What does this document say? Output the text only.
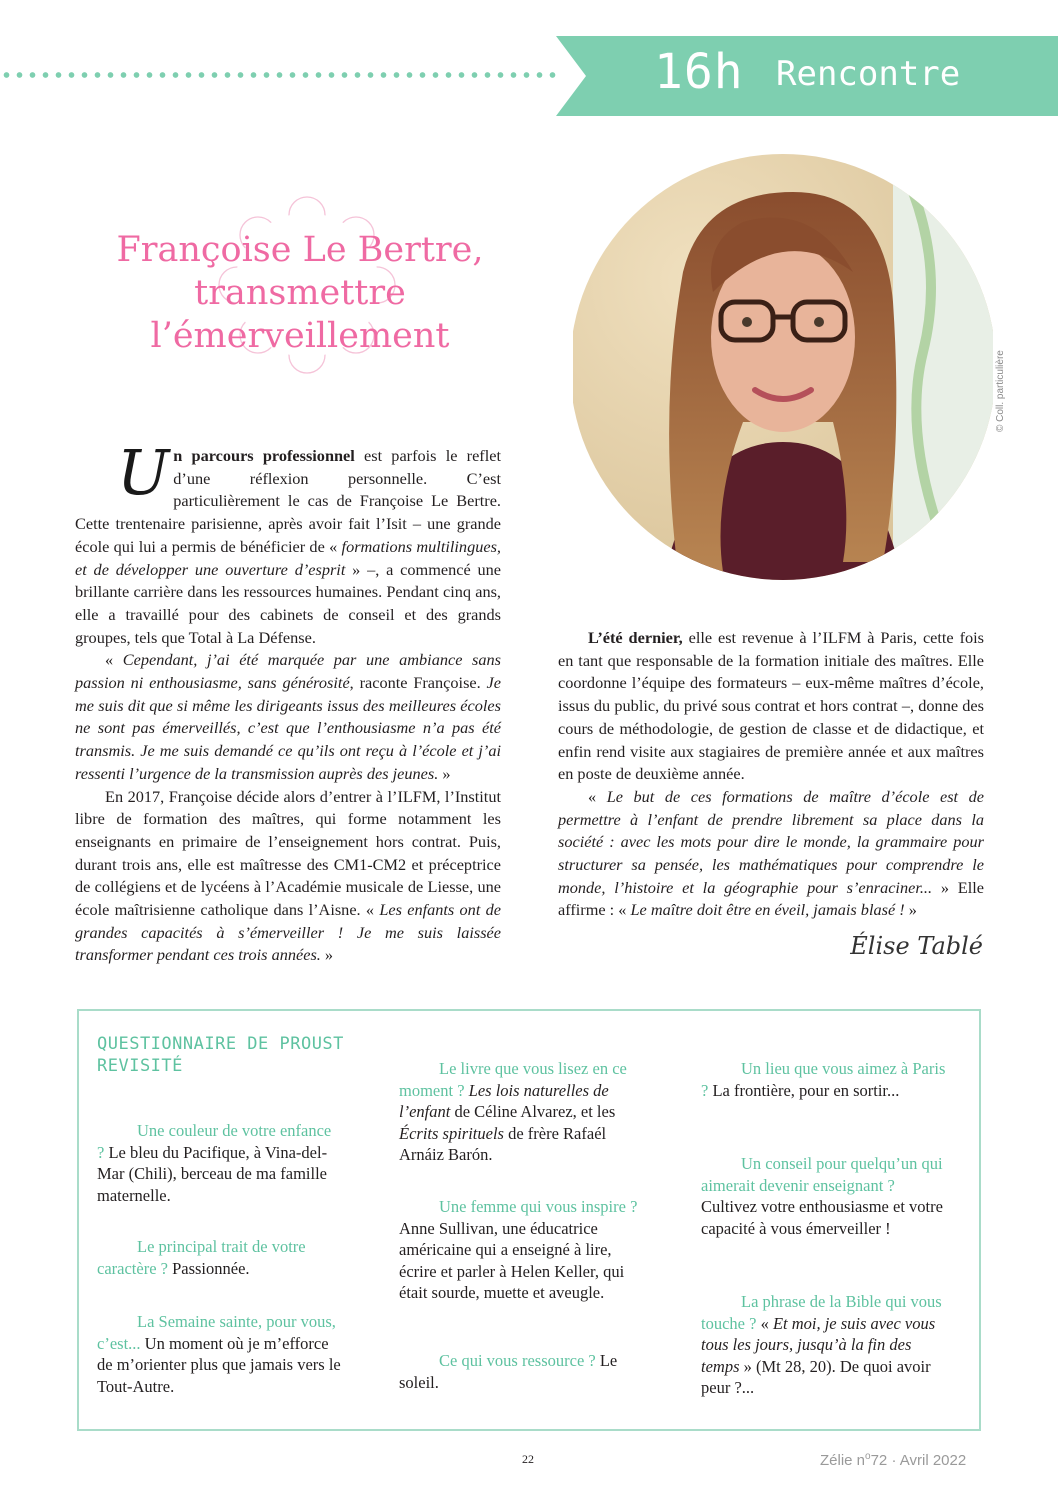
16h Rencontre
Françoise Le Bertre,
transmettre
l’émerveillement
© Coll. particulière

Un parcours professionnel est parfois le reflet d’une réflexion personnelle. C’est particulièrement le cas de Françoise Le Bertre. Cette trentenaire parisienne, après avoir fait l’Isit – une grande école qui lui a permis de bénéficier de « formations multilingues, et de développer une ouverture d’esprit » –, a commencé une brillante carrière dans les ressources humaines. Pendant cinq ans, elle a travaillé pour des cabinets de conseil et des grands groupes, tels que Total à La Défense.

« Cependant, j’ai été marquée par une ambiance sans passion ni enthousiasme, sans générosité, raconte Françoise. Je me suis dit que si même les dirigeants issus des meilleures écoles ne sont pas émerveillés, c’est que l’enthousiasme n’a pas été transmis. Je me suis demandé ce qu’ils ont reçu à l’école et j’ai ressenti l’urgence de la transmission auprès des jeunes. »

En 2017, Françoise décide alors d’entrer à l’ILFM, l’Institut libre de formation des maîtres, qui forme notamment les enseignants en primaire de l’enseignement hors contrat. Puis, durant trois ans, elle est maîtresse des CM1-CM2 et préceptrice de collégiens et de lycéens à l’Académie musicale de Liesse, une école maîtrisienne catholique dans l’Aisne. « Les enfants ont de grandes capacités à s’émerveiller ! Je me suis laissée transformer pendant ces trois années. »

L’été dernier, elle est revenue à l’ILFM à Paris, cette fois en tant que responsable de la formation initiale des maîtres. Elle coordonne l’équipe des formateurs – eux-même maîtres d’école, issus du public, du privé sous contrat et hors contrat –, donne des cours de méthodologie, de gestion de classe et de didactique, et enfin rend visite aux stagiaires de première année et aux maîtres en poste de deuxième année.

« Le but de ces formations de maître d’école est de permettre à l’enfant de prendre librement sa place dans la société : avec les mots pour dire le monde, la grammaire pour structurer sa pensée, les mathématiques pour comprendre le monde, l’histoire et la géographie pour s’enraciner... » Elle affirme : « Le maître doit être en éveil, jamais blasé ! »

Élise Tablé
QUESTIONNAIRE DE PROUST REVISITÉ
Une couleur de votre enfance ? Le bleu du Pacifique, à Vina-del-Mar (Chili), berceau de ma famille maternelle.
Le principal trait de votre caractère ? Passionnée.
La Semaine sainte, pour vous, c’est... Un moment où je m’efforce de m’orienter plus que jamais vers le Tout-Autre.
Le livre que vous lisez en ce moment ? Les lois naturelles de l’enfant de Céline Alvarez, et les Écrits spirituels de frère Rafaél Arnáiz Barón.
Une femme qui vous inspire ? Anne Sullivan, une éducatrice américaine qui a enseigné à lire, écrire et parler à Helen Keller, qui était sourde, muette et aveugle.
Ce qui vous ressource ? Le soleil.
Un lieu que vous aimez à Paris ? La frontière, pour en sortir...
Un conseil pour quelqu’un qui aimerait devenir enseignant ? Cultivez votre enthousiasme et votre capacité à vous émerveiller !
La phrase de la Bible qui vous touche ? « Et moi, je suis avec vous tous les jours, jusqu’à la fin des temps » (Mt 28, 20). De quoi avoir peur ?...
22	Zélie $n^o72$ · Avril 2022
